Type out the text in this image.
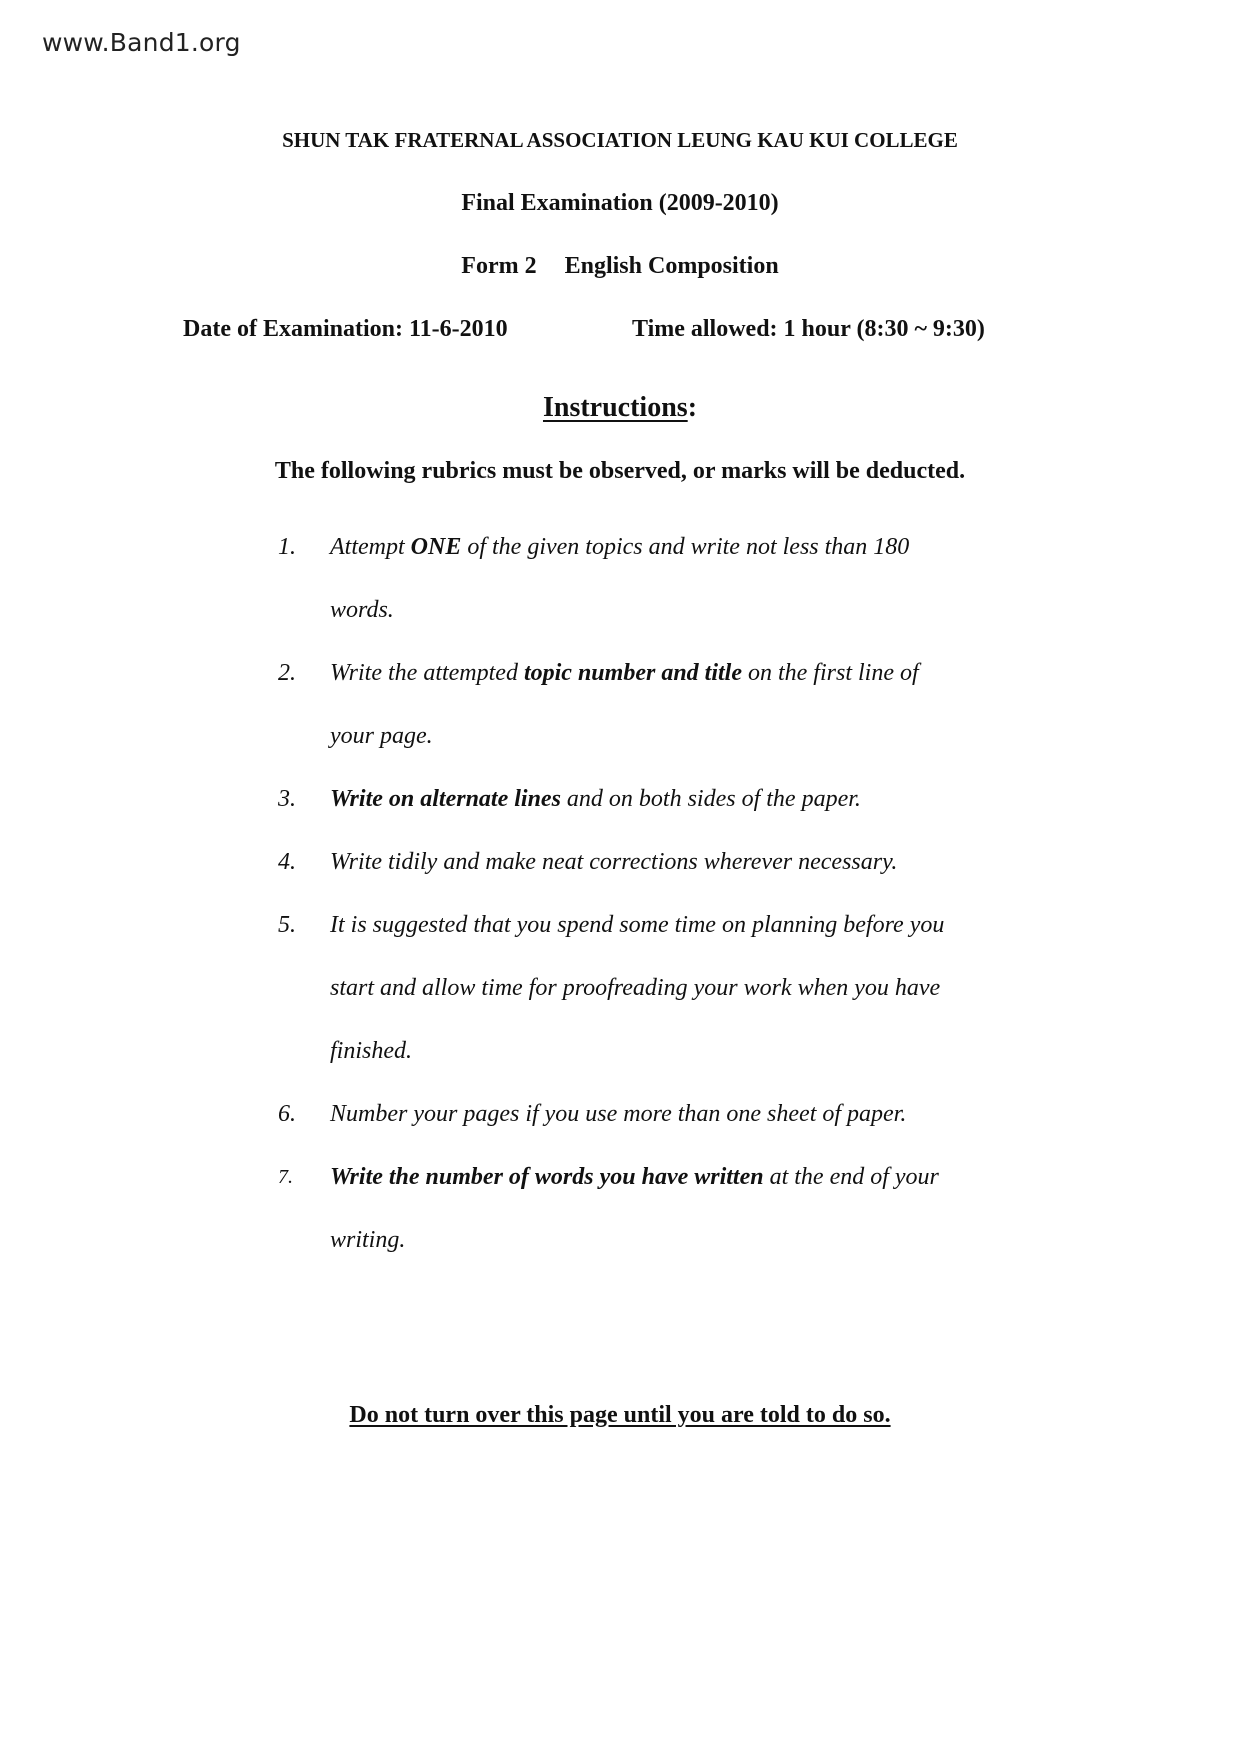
www.Band1.org
SHUN TAK FRATERNAL ASSOCIATION LEUNG KAU KUI COLLEGE
Final Examination (2009-2010)
Form 2 English Composition
Date of Examination: 11-6-2010	Time allowed: 1 hour (8:30 ~ 9:30)
Instructions:
The following rubrics must be observed, or marks will be deducted.
1.	Attempt ONE of the given topics and write not less than 180
words.
2.	Write the attempted topic number and title on the first line of
your page.
3.	Write on alternate lines and on both sides of the paper.
4.	Write tidily and make neat corrections wherever necessary.
5.	It is suggested that you spend some time on planning before you
start and allow time for proofreading your work when you have
finished.
6.	Number your pages if you use more than one sheet of paper.
7.	Write the number of words you have written at the end of your
writing.
Do not turn over this page until you are told to do so.
